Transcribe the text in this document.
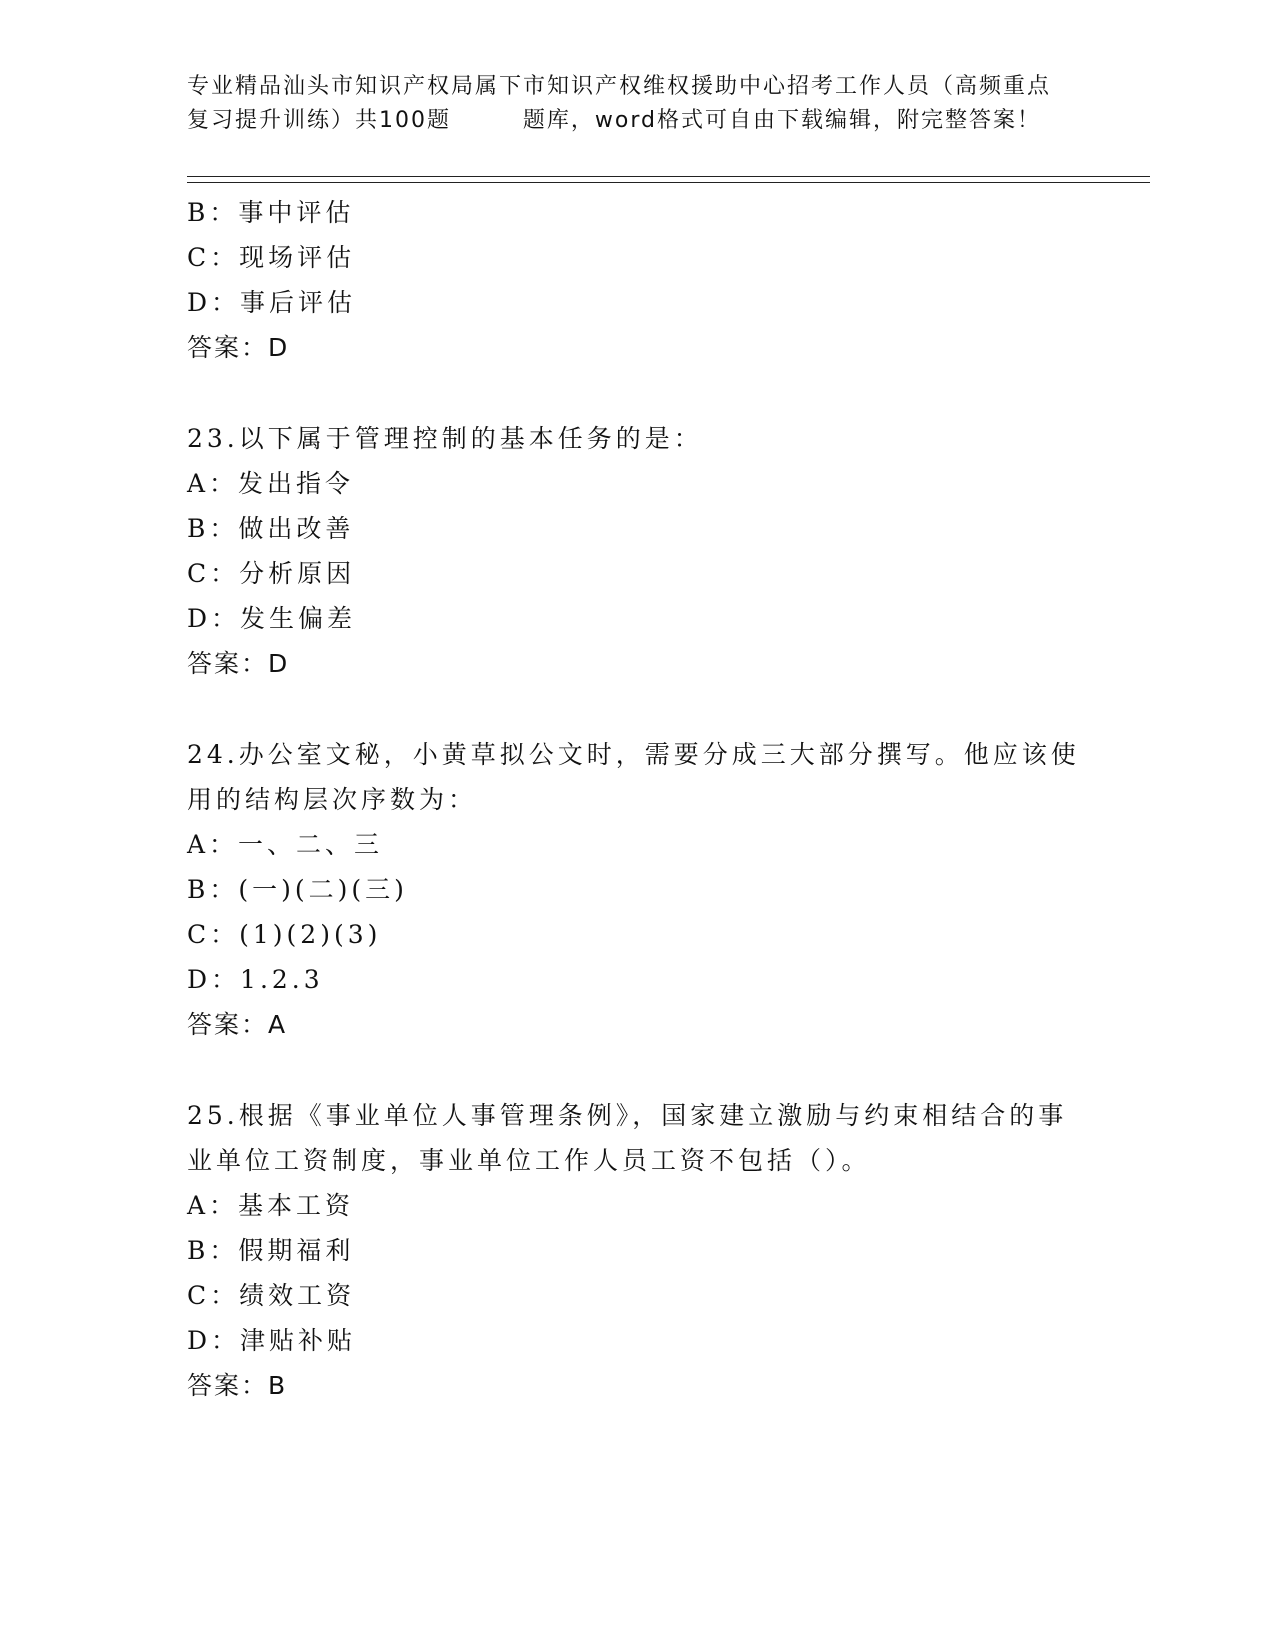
专业精品汕头市知识产权局属下市知识产权维权援助中心招考工作人员（高频重点
复习提升训练）共100题        题库，word格式可自由下载编辑，附完整答案！
B：事中评估
C：现场评估
D：事后评估
答案：D
23.以下属于管理控制的基本任务的是：
A：发出指令
B：做出改善
C：分析原因
D：发生偏差
答案：D
24.办公室文秘，小黄草拟公文时，需要分成三大部分撰写。他应该使
用的结构层次序数为：
A：一、二、三
B：(一)(二)(三)
C：(1)(2)(3)
D：1.2.3
答案：A
25.根据《事业单位人事管理条例》，国家建立激励与约束相结合的事
业单位工资制度，事业单位工作人员工资不包括（）。
A：基本工资
B：假期福利
C：绩效工资
D：津贴补贴
答案：B
